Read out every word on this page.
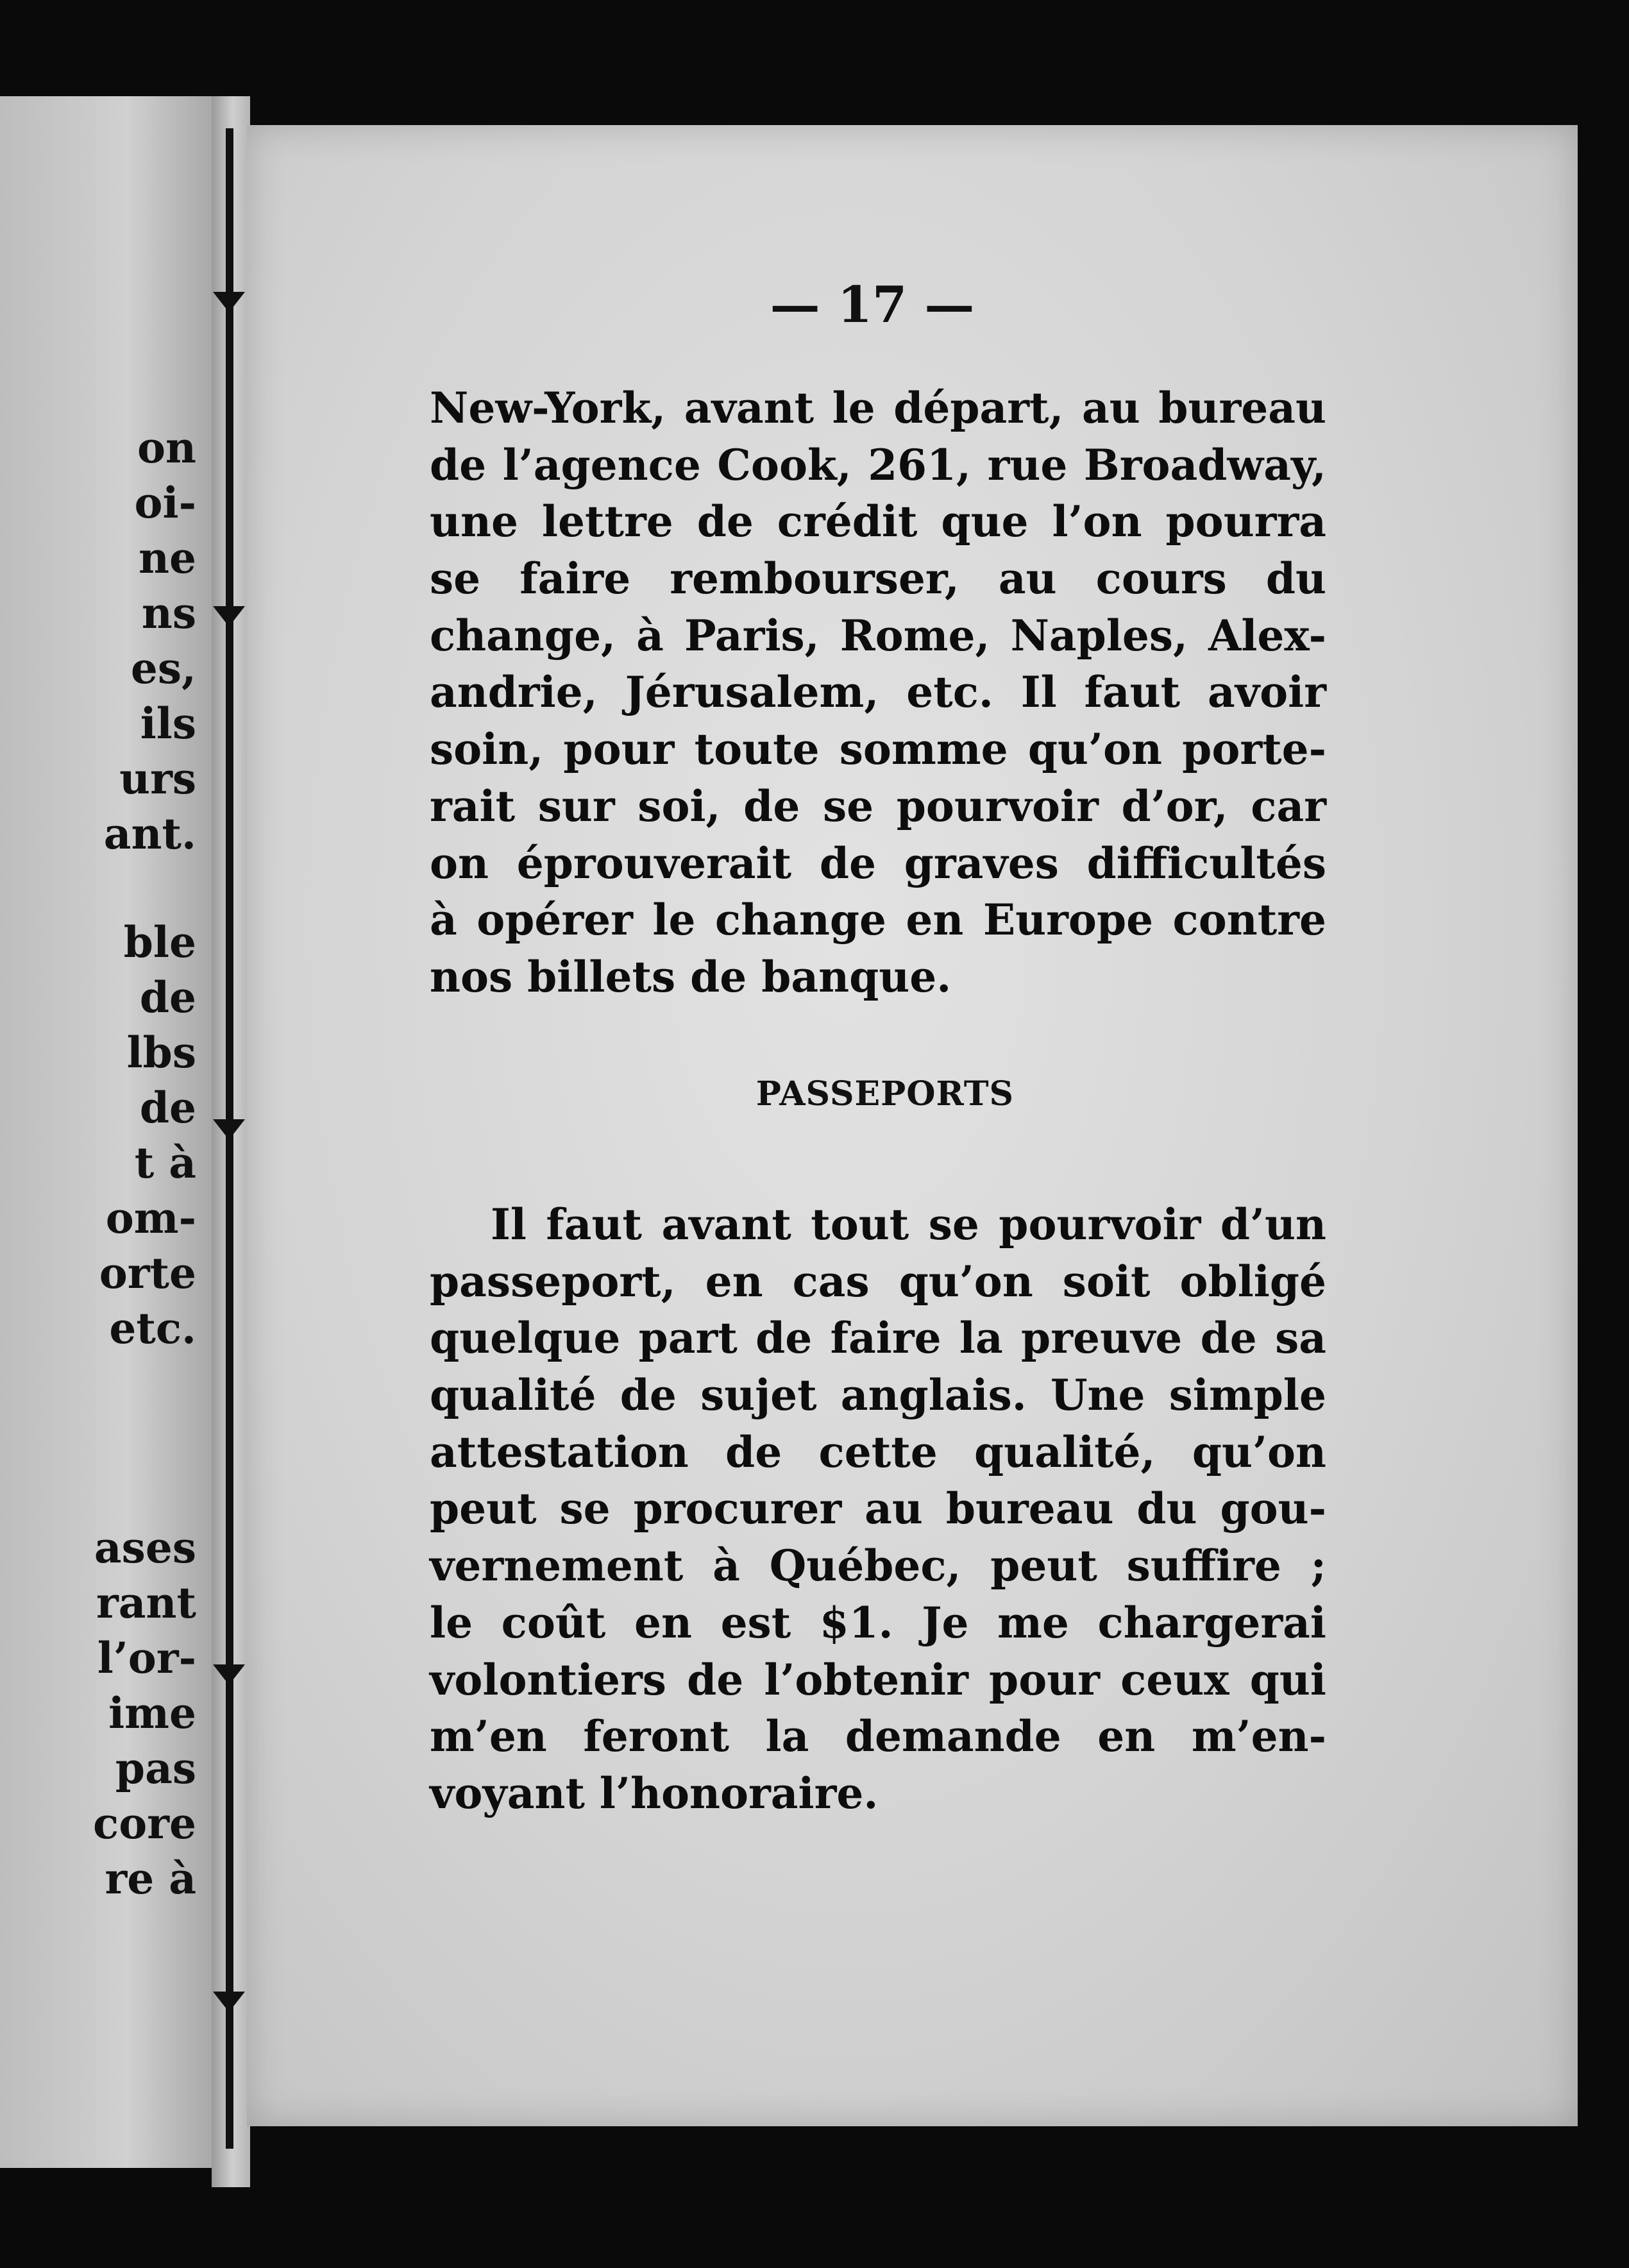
on
oi-
ne
ns
es,
ils
urs
ant.
ble
de
lbs
de
t à
om-
orte
etc.
ases
rant
l’or-
ime
pas
core
re à
— 17 —
New-York, avant le départ, au bureau
de l’agence Cook, 261, rue Broadway,
une lettre de crédit que l’on pourra
se faire rembourser, au cours du
change, à Paris, Rome, Naples, Alex-
andrie, Jérusalem, etc. Il faut avoir
soin, pour toute somme qu’on porte-
rait sur soi, de se pourvoir d’or, car
on éprouverait de graves difficultés
à opérer le change en Europe contre
nos billets de banque.
PASSEPORTS
Il faut avant tout se pourvoir d’un
passeport, en cas qu’on soit obligé
quelque part de faire la preuve de sa
qualité de sujet anglais. Une simple
attestation de cette qualité, qu’on
peut se procurer au bureau du gou-
vernement à Québec, peut suffire ;
le coût en est $1. Je me chargerai
volontiers de l’obtenir pour ceux qui
m’en feront la demande en m’en-
voyant l’honoraire.
